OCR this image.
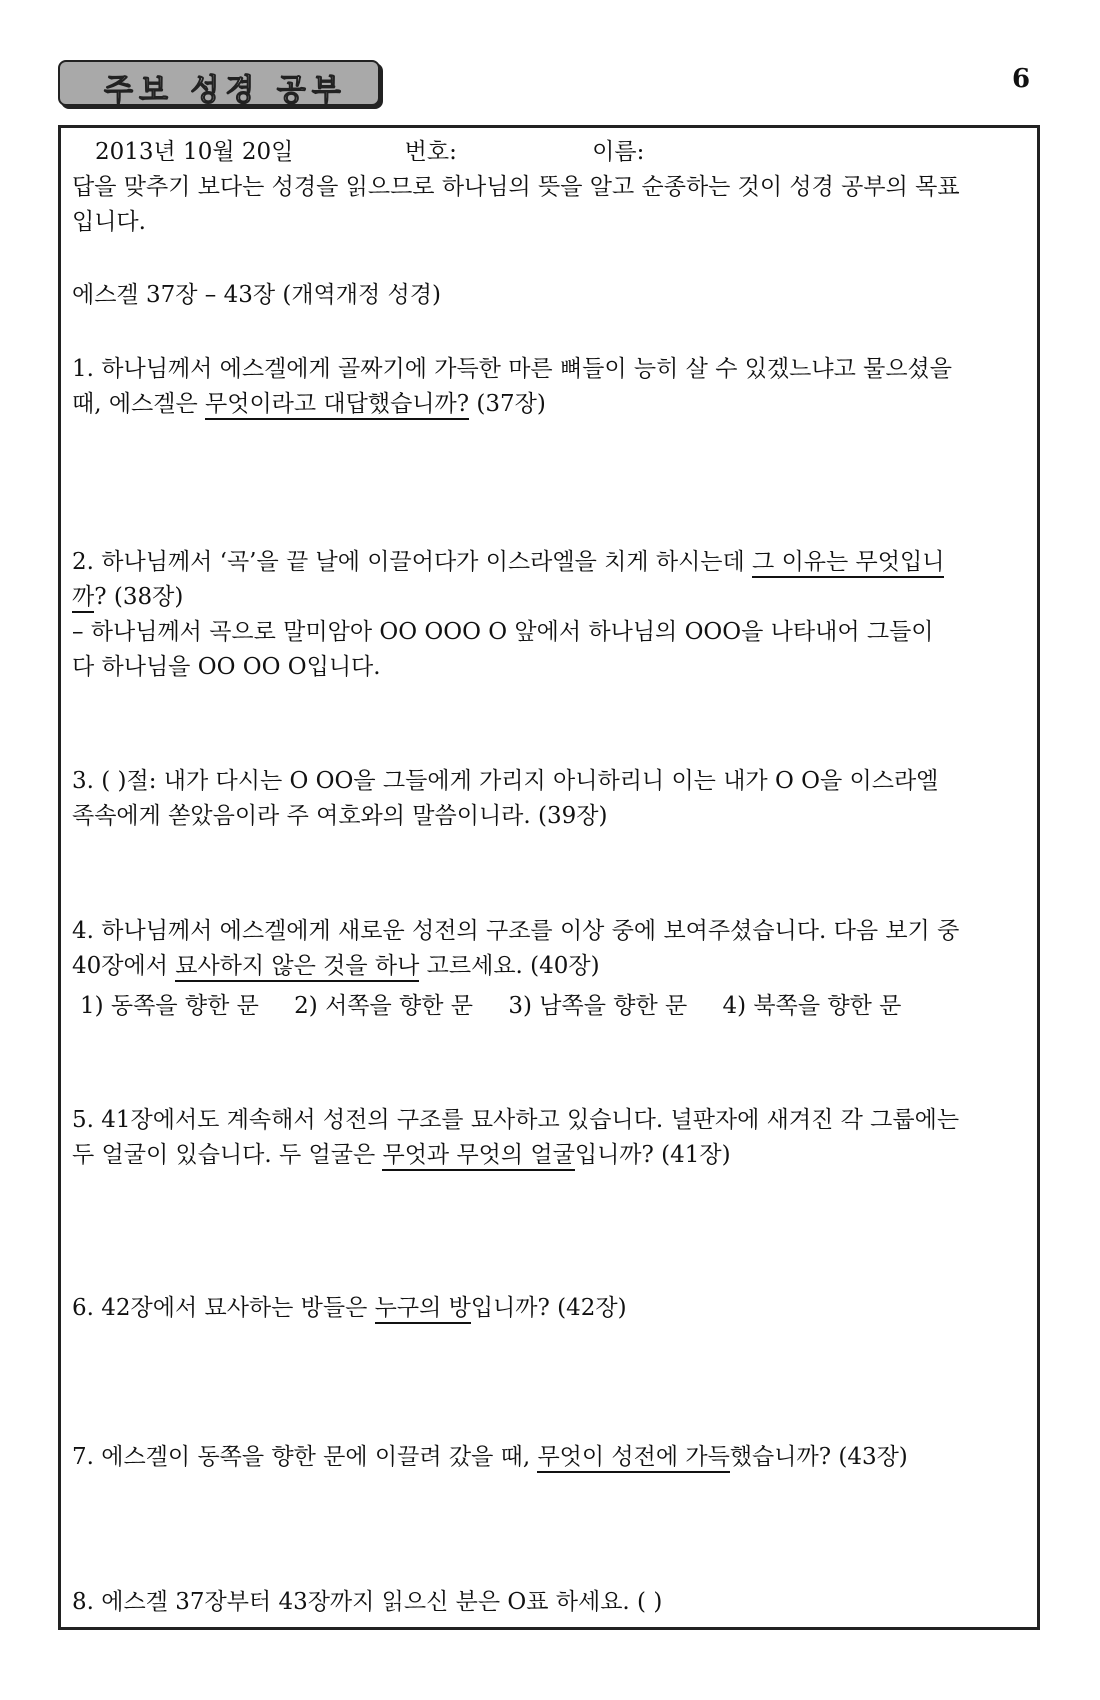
주보 성경 공부	6
2013년 10월 20일	번호:	이름:
답을 맞추기 보다는 성경을 읽으므로 하나님의 뜻을 알고 순종하는 것이 성경 공부의 목표
입니다.
에스겔 37장 – 43장 (개역개정 성경)
1. 하나님께서 에스겔에게 골짜기에 가득한 마른 뼈들이 능히 살 수 있겠느냐고 물으셨을
때, 에스겔은 무엇이라고 대답했습니까? (37장)
2. 하나님께서 ‘곡’을 끝 날에 이끌어다가 이스라엘을 치게 하시는데 그 이유는 무엇입니
까? (38장)
– 하나님께서 곡으로 말미암아 OO OOO O 앞에서 하나님의 OOO을 나타내어 그들이
다 하나님을 OO OO O입니다.
3. ( )절: 내가 다시는 O OO을 그들에게 가리지 아니하리니 이는 내가 O O을 이스라엘
족속에게 쏟았음이라 주 여호와의 말씀이니라. (39장)
4. 하나님께서 에스겔에게 새로운 성전의 구조를 이상 중에 보여주셨습니다. 다음 보기 중
40장에서 묘사하지 않은 것을 하나 고르세요. (40장)
1) 동쪽을 향한 문 2) 서쪽을 향한 문 3) 남쪽을 향한 문 4) 북쪽을 향한 문
5. 41장에서도 계속해서 성전의 구조를 묘사하고 있습니다. 널판자에 새겨진 각 그룹에는
두 얼굴이 있습니다. 두 얼굴은 무엇과 무엇의 얼굴입니까? (41장)
6. 42장에서 묘사하는 방들은 누구의 방입니까? (42장)
7. 에스겔이 동쪽을 향한 문에 이끌려 갔을 때, 무엇이 성전에 가득했습니까? (43장)
8. 에스겔 37장부터 43장까지 읽으신 분은 O표 하세요. ( )
